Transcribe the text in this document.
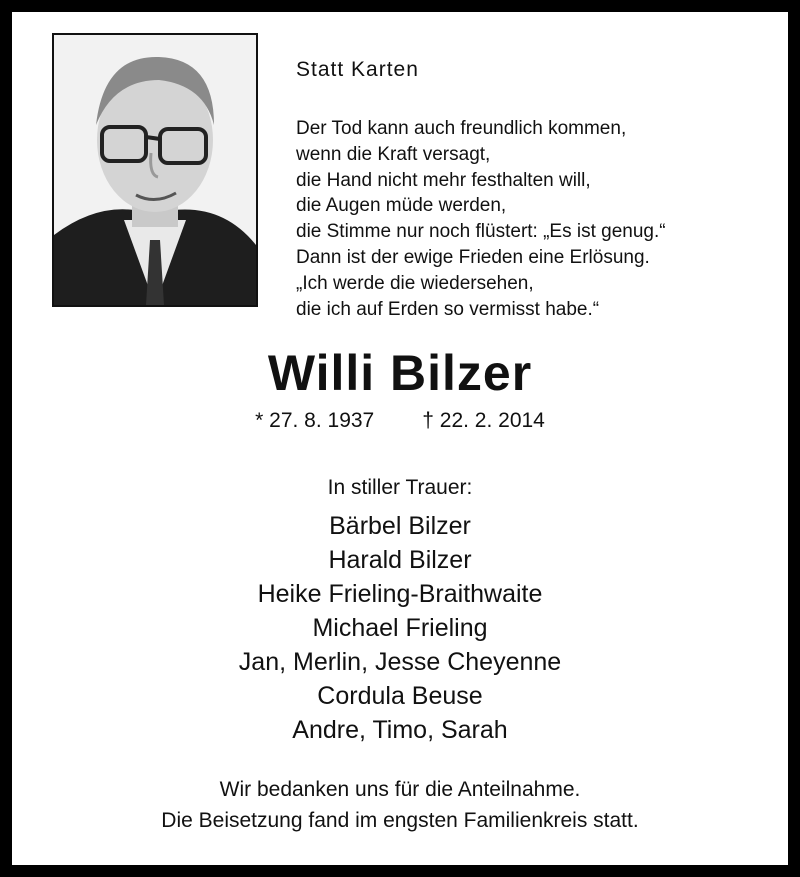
Statt Karten
Der Tod kann auch freundlich kommen,
wenn die Kraft versagt,
die Hand nicht mehr festhalten will,
die Augen müde werden,
die Stimme nur noch flüstert: „Es ist genug.“
Dann ist der ewige Frieden eine Erlösung.
„Ich werde die wiedersehen,
die ich auf Erden so vermisst habe.“
Willi Bilzer
* 27. 8. 1937 † 22. 2. 2014
In stiller Trauer:
Bärbel Bilzer
Harald Bilzer
Heike Frieling-Braithwaite
Michael Frieling
Jan, Merlin, Jesse Cheyenne
Cordula Beuse
Andre, Timo, Sarah
Wir bedanken uns für die Anteilnahme.
Die Beisetzung fand im engsten Familienkreis statt.
